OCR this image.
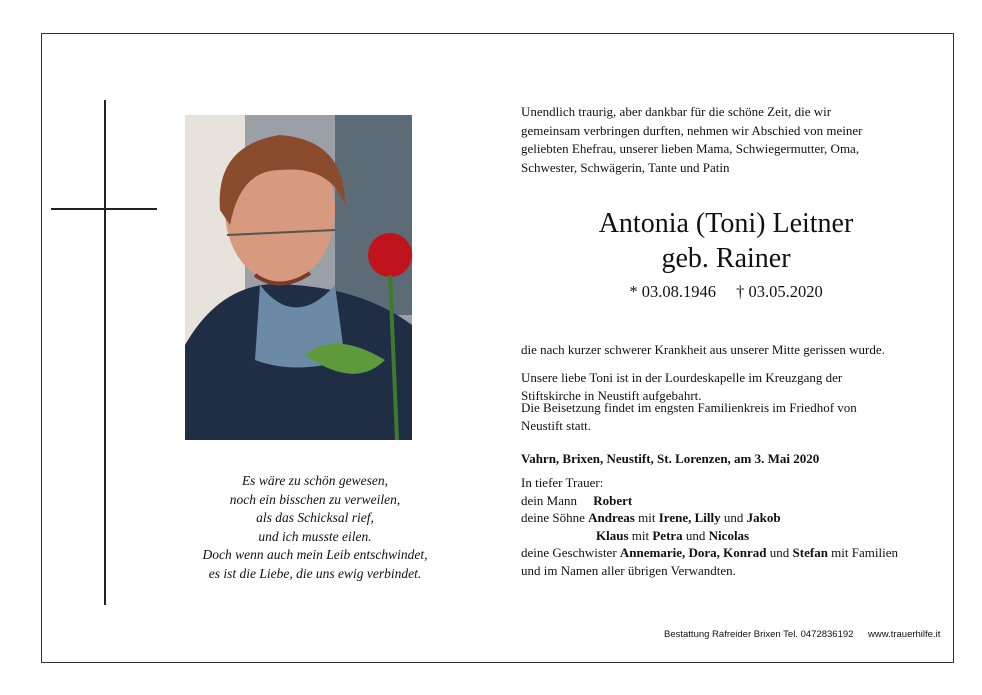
Es wäre zu schön gewesen,
noch ein bisschen zu verweilen,
als das Schicksal rief,
und ich musste eilen.
Doch wenn auch mein Leib entschwindet,
es ist die Liebe, die uns ewig verbindet.
Unendlich traurig, aber dankbar für die schöne Zeit, die wir
gemeinsam verbringen durften, nehmen wir Abschied von meiner
geliebten Ehefrau, unserer lieben Mama, Schwiegermutter, Oma,
Schwester, Schwägerin, Tante und Patin
Antonia (Toni) Leitner
geb. Rainer
* 03.08.1946 † 03.05.2020
die nach kurzer schwerer Krankheit aus unserer Mitte gerissen wurde.
Unsere liebe Toni ist in der Lourdeskapelle im Kreuzgang der
Stiftskirche in Neustift aufgebahrt.
Die Beisetzung findet im engsten Familienkreis im Friedhof von
Neustift statt.
Vahrn, Brixen, Neustift, St. Lorenzen, am 3. Mai 2020
In tiefer Trauer:
dein Mann Robert
deine Söhne Andreas mit Irene, Lilly und Jakob
Klaus mit Petra und Nicolas
deine Geschwister Annemarie, Dora, Konrad und Stefan mit Familien
und im Namen aller übrigen Verwandten.
Bestattung Rafreider Brixen Tel. 0472836192 www.trauerhilfe.it
